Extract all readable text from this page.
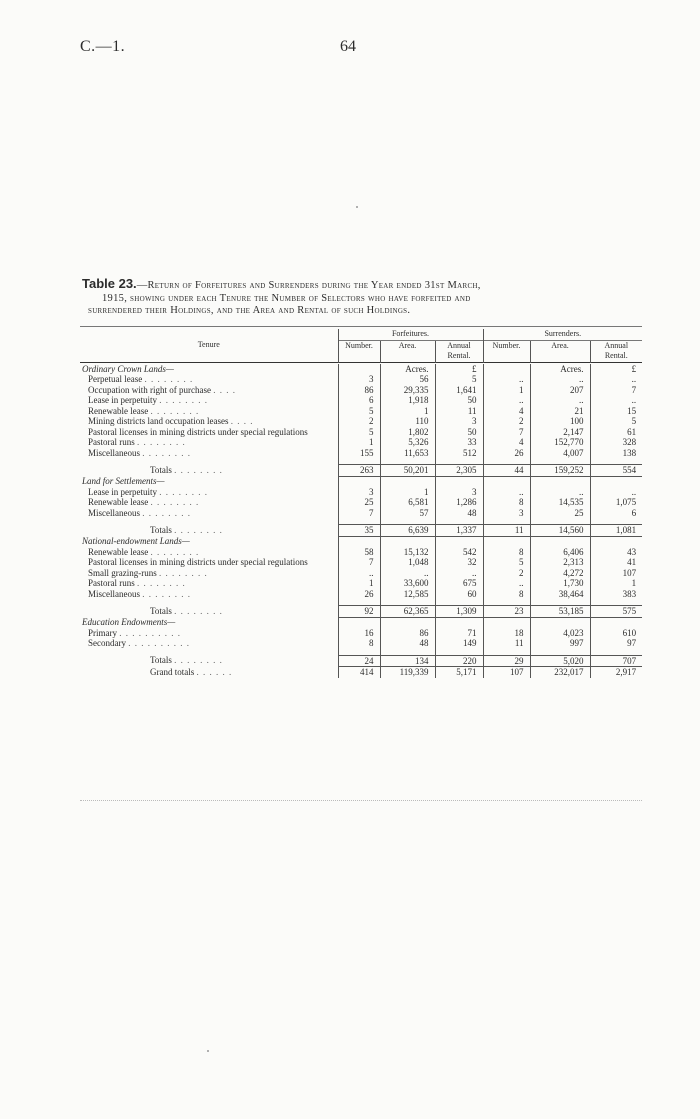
C.—1.	64
Table 23.—Return of Forfeitures and Surrenders during the Year ended 31st March,
1915, showing under each Tenure the Number of Selectors who have forfeited and
surrendered their Holdings, and the Area and Rental of such Holdings.

Tenure	Forfeitures.			Surrenders.		
	Number.	Area.	Annual Rental.	Number.	Area.	Annual Rental.

Ordinary Crown Lands—		Acres.	£		Acres.	£
Perpetual lease . . . . . . . .	3	56	5	..	..	..
Occupation with right of purchase . . . .	86	29,335	1,641	1	207	7
Lease in perpetuity . . . . . . . .	6	1,918	50	..	..	..
Renewable lease . . . . . . . .	5	1	11	4	21	15
Mining districts land occupation leases . . . .	2	110	3	2	100	5
Pastoral licenses in mining districts under special regulations	5	1,802	50	7	2,147	61
Pastoral runs . . . . . . . .	1	5,326	33	4	152,770	328
Miscellaneous . . . . . . . .	155	11,653	512	26	4,007	138

Totals . . . . . . . .	263	50,201	2,305	44	159,252	554
Land for Settlements—						
Lease in perpetuity . . . . . . . .	3	1	3	..	..	..
Renewable lease . . . . . . . .	25	6,581	1,286	8	14,535	1,075
Miscellaneous . . . . . . . .	7	57	48	3	25	6

Totals . . . . . . . .	35	6,639	1,337	11	14,560	1,081
National-endowment Lands—						
Renewable lease . . . . . . . .	58	15,132	542	8	6,406	43
Pastoral licenses in mining districts under special regulations	7	1,048	32	5	2,313	41
Small grazing-runs . . . . . . . .	..	..	..	2	4,272	107
Pastoral runs . . . . . . . .	1	33,600	675	..	1,730	1
Miscellaneous . . . . . . . .	26	12,585	60	8	38,464	383

Totals . . . . . . . .	92	62,365	1,309	23	53,185	575
Education Endowments—						
Primary . . . . . . . . . .	16	86	71	18	4,023	610
Secondary . . . . . . . . . .	8	48	149	11	997	97

Totals . . . . . . . .	24	134	220	29	5,020	707
Grand totals . . . . . .	414	119,339	5,171	107	232,017	2,917
